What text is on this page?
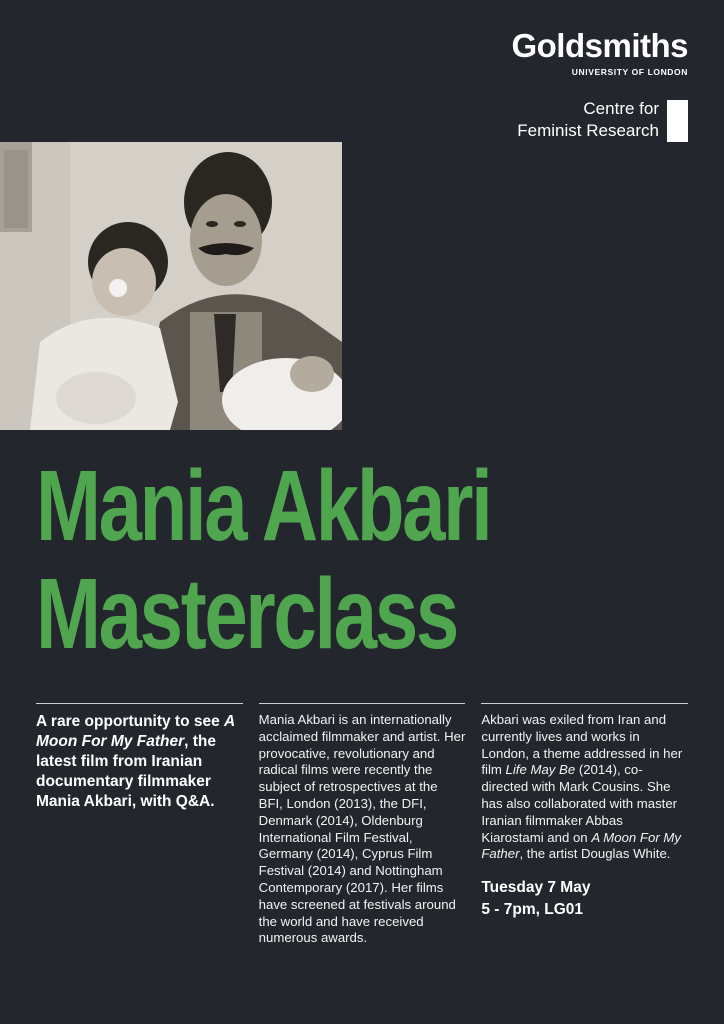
Goldsmiths
UNIVERSITY OF LONDON
Centre for
Feminist Research
Mania Akbari
Masterclass

A rare opportunity to see A Moon For My Father, the latest film from Iranian documentary filmmaker Mania Akbari, with Q&A.

Mania Akbari is an internationally acclaimed filmmaker and artist. Her provocative, revolutionary and radical films were recently the subject of retrospectives at the BFI, London (2013), the DFI, Denmark (2014), Oldenburg International Film Festival, Germany (2014), Cyprus Film Festival (2014) and Nottingham Contemporary (2017). Her films have screened at festivals around the world and have received numerous awards.

Akbari was exiled from Iran and currently lives and works in London, a theme addressed in her film Life May Be (2014), co-directed with Mark Cousins. She has also collaborated with master Iranian filmmaker Abbas Kiarostami and on A Moon For My Father, the artist Douglas White.

Tuesday 7 May
5 - 7pm, LG01
